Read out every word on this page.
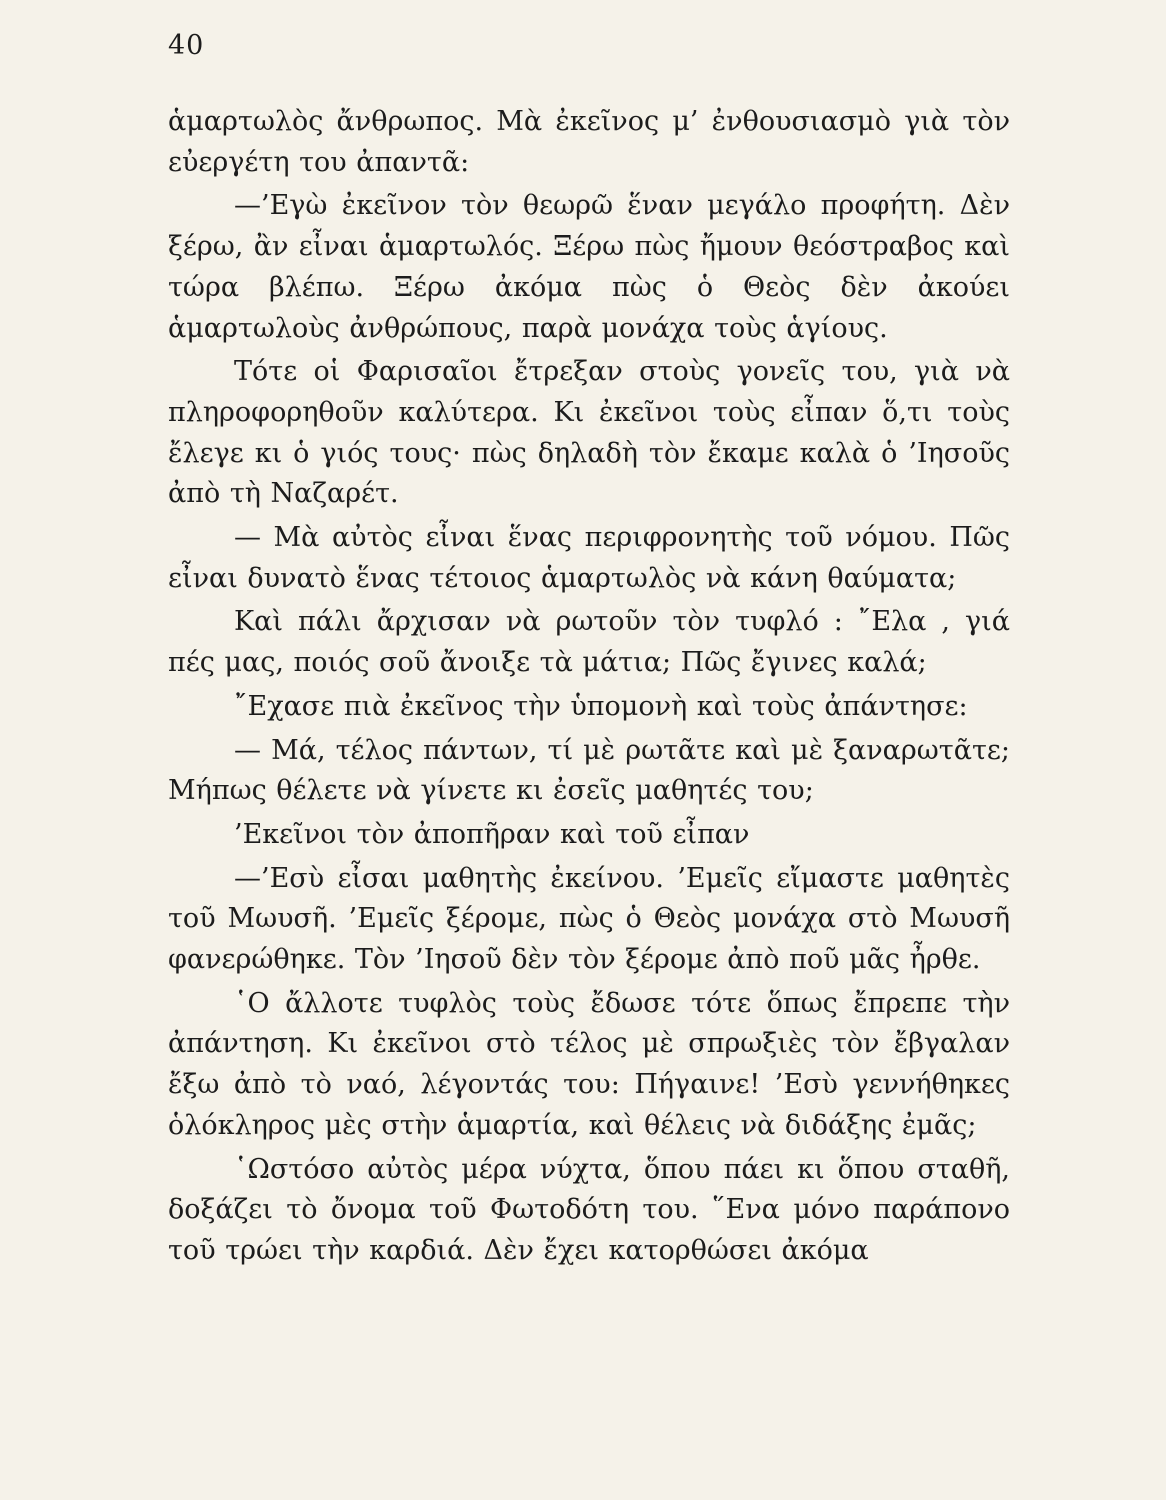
40

ἁμαρτωλὸς ἄνθρωπος. Μὰ ἐκεῖνος μ’ ἐνθουσιασμὸ γιὰ τὸν εὐεργέτη του ἀπαντᾶ:

—’Εγὼ ἐκεῖνον τὸν θεωρῶ ἕναν μεγάλο προφήτη. Δὲν ξέρω, ἂν εἶναι ἁμαρτωλός. Ξέρω πὼς ἤμουν θεόστραβος καὶ τώρα βλέπω. Ξέρω ἀκόμα πὼς ὁ Θεὸς δὲν ἀκούει ἁμαρτωλοὺς ἀνθρώπους, παρὰ μονάχα τοὺς ἁγίους.

Τότε οἱ Φαρισαῖοι ἔτρεξαν στοὺς γονεῖς του, γιὰ νὰ πληροφορηθοῦν καλύτερα. Κι ἐκεῖνοι τοὺς εἶπαν ὅ,τι τοὺς ἔλεγε κι ὁ γιός τους· πὼς δηλαδὴ τὸν ἔκαμε καλὰ ὁ ’Ιησοῦς ἀπὸ τὴ Ναζαρέτ.

— Μὰ αὐτὸς εἶναι ἕνας περιφρονητὴς τοῦ νόμου. Πῶς εἶναι δυνατὸ ἕνας τέτοιος ἁμαρτωλὸς νὰ κάνη θαύματα;

Καὶ πάλι ἄρχισαν νὰ ρωτοῦν τὸν τυφλό : ῎Ελα , γιά πές μας, ποιός σοῦ ἄνοιξε τὰ μάτια; Πῶς ἔγινες καλά;

῎Εχασε πιὰ ἐκεῖνος τὴν ὑπομονὴ καὶ τοὺς ἀπάντησε:

— Μά, τέλος πάντων, τί μὲ ρωτᾶτε καὶ μὲ ξαναρωτᾶτε; Μήπως θέλετε νὰ γίνετε κι ἐσεῖς μαθητές του;

’Εκεῖνοι τὸν ἀποπῆραν καὶ τοῦ εἶπαν

—’Εσὺ εἶσαι μαθητὴς ἐκείνου. ’Εμεῖς εἴμαστε μαθητὲς τοῦ Μωυσῆ. ’Εμεῖς ξέρομε, πὼς ὁ Θεὸς μονάχα στὸ Μωυσῆ φανερώθηκε. Τὸν ’Ιησοῦ δὲν τὸν ξέρομε ἀπὸ ποῦ μᾶς ἦρθε.

῾Ο ἄλλοτε τυφλὸς τοὺς ἔδωσε τότε ὅπως ἔπρεπε τὴν ἀπάντηση. Κι ἐκεῖνοι στὸ τέλος μὲ σπρωξιὲς τὸν ἔβγαλαν ἔξω ἀπὸ τὸ ναό, λέγοντάς του: Πήγαινε! ’Εσὺ γεννήθηκες ὁλόκληρος μὲς στὴν ἁμαρτία, καὶ θέλεις νὰ διδάξης ἐμᾶς;

῾Ωστόσο αὐτὸς μέρα νύχτα, ὅπου πάει κι ὅπου σταθῆ, δοξάζει τὸ ὄνομα τοῦ Φωτοδότη του. ῞Ενα μόνο παράπονο τοῦ τρώει τὴν καρδιά. Δὲν ἔχει κατορθώσει ἀκόμα
